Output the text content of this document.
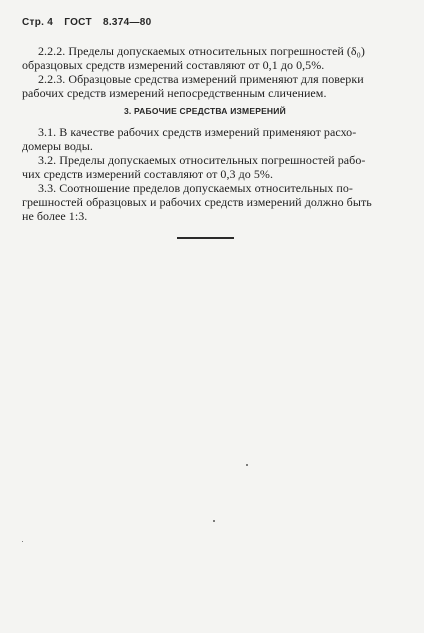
Стр. 4 ГОСТ 8.374—80
2.2.2. Пределы допускаемых относительных погрешностей (δ₀)
образцовых средств измерений составляют от 0,1 до 0,5%.
2.2.3. Образцовые средства измерений применяют для поверки
рабочих средств измерений непосредственным сличением.
3. РАБОЧИЕ СРЕДСТВА ИЗМЕРЕНИЙ
3.1. В качестве рабочих средств измерений применяют расхо-
домеры воды.
3.2. Пределы допускаемых относительных погрешностей рабо-
чих средств измерений составляют от 0,3 до 5%.
3.3. Соотношение пределов допускаемых относительных по-
грешностей образцовых и рабочих средств измерений должно быть
не более 1:3.
